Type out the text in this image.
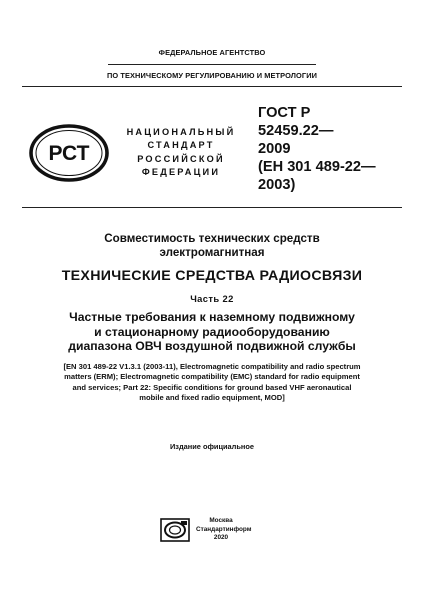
ФЕДЕРАЛЬНОЕ АГЕНТСТВО
ПО ТЕХНИЧЕСКОМУ РЕГУЛИРОВАНИЮ И МЕТРОЛОГИИ
РСТ
НАЦИОНАЛЬНЫЙ
СТАНДАРТ
РОССИЙСКОЙ
ФЕДЕРАЦИИ
ГОСТ Р
52459.22—
2009
(ЕН 301 489-22—
2003)
Совместимость технических средств
электромагнитная
ТЕХНИЧЕСКИЕ СРЕДСТВА РАДИОСВЯЗИ
Часть 22
Частные требования к наземному подвижному
и стационарному радиооборудованию
диапазона ОВЧ воздушной подвижной службы
[EN 301 489-22 V1.3.1 (2003-11), Electromagnetic compatibility and radio spectrum
matters (ERM); Electromagnetic compatibility (EMC) standard for radio equipment
and services; Part 22: Specific conditions for ground based VHF aeronautical
mobile and fixed radio equipment, MOD]
Издание официальное
Москва
Стандартинформ
2020
